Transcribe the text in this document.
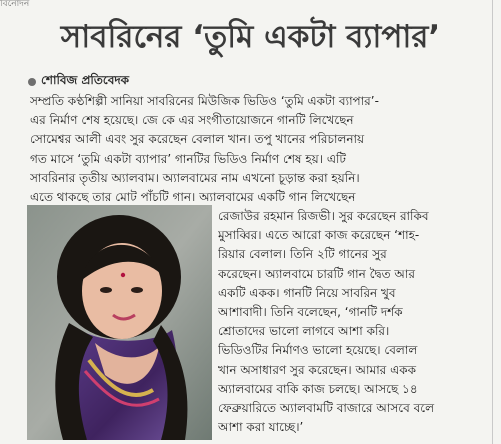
বিনোদন
সাবরিনের ‘তুমি একটা ব্যাপার’
শোবিজ প্রতিবেদক
সম্প্রতি কণ্ঠশিল্পী সানিয়া সাবরিনের মিউজিক ভিডিও ‘তুমি একটা ব্যাপার’-
এর নির্মাণ শেষ হয়েছে। জে কে এর সংগীতায়োজনে গানটি লিখেছেন
সোমেশ্বর আলী এবং সুর করেছেন বেলাল খান। তপু খানের পরিচালনায়
গত মাসে ‘তুমি একটা ব্যাপার’ গানটির ভিডিও নির্মাণ শেষ হয়। এটি
সাবরিনার তৃতীয় অ্যালবাম। অ্যালবামের নাম এখনো চূড়ান্ত করা হয়নি।
এতে থাকছে তার মোট পাঁচটি গান। অ্যালবামের একটি গান লিখেছেন
রেজাউর রহমান রিজভী। সুর করেছেন রাকিব
মুসাব্বির। এতে আরো কাজ করেছেন ‘শাহ-
রিয়ার বেলাল। তিনি ২টি গানের সুর
করেছেন। অ্যালবামে চারটি গান দ্বৈত আর
একটি একক। গানটি নিয়ে সাবরিন খুব
আশাবাদী। তিনি বলেছেন, ‘গানটি দর্শক
শ্রোতাদের ভালো লাগবে আশা করি।
ভিডিওটির নির্মাণও ভালো হয়েছে। বেলাল
খান অসাধারণ সুর করেছেন। আমার একক
অ্যালবামের বাকি কাজ চলছে। আসছে ১৪
ফেব্রুয়ারিতে অ্যালবামটি বাজারে আসবে বলে
আশা করা যাচ্ছে।’
